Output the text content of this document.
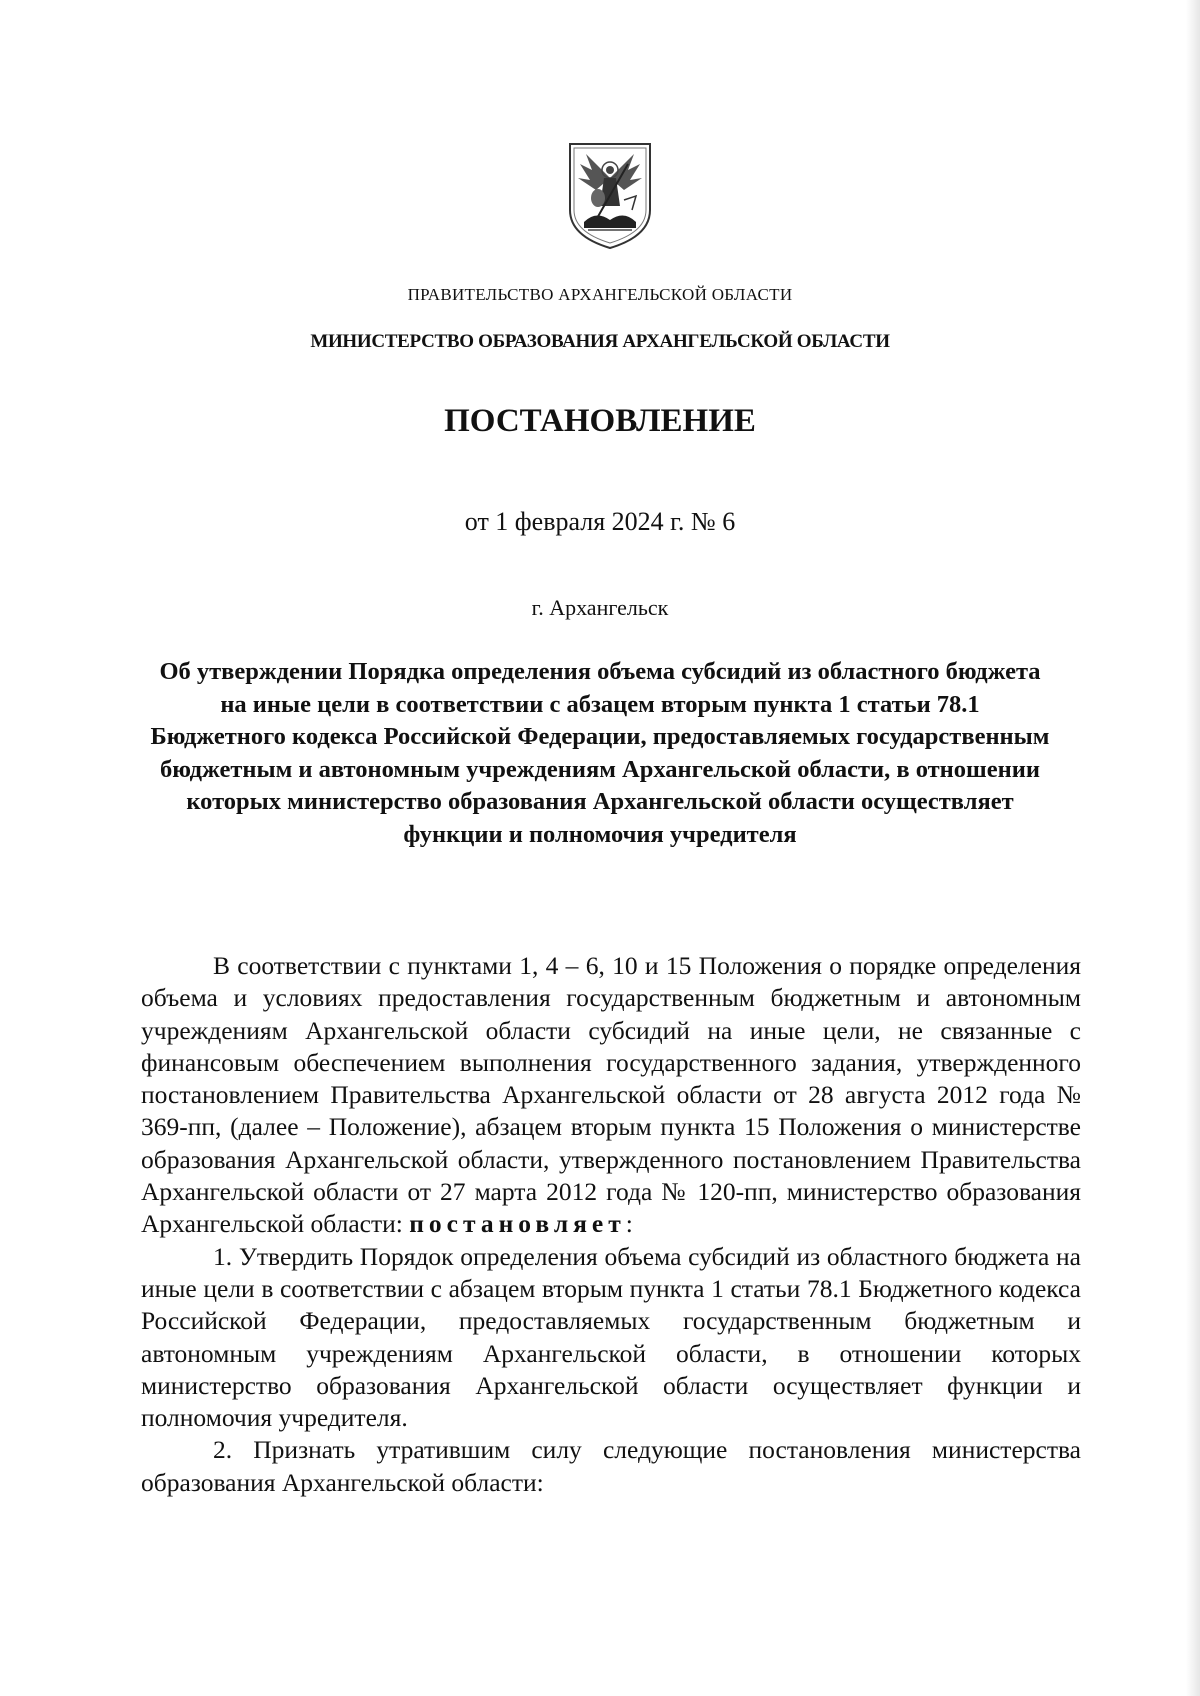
ПРАВИТЕЛЬСТВО АРХАНГЕЛЬСКОЙ ОБЛАСТИ

МИНИСТЕРСТВО ОБРАЗОВАНИЯ АРХАНГЕЛЬСКОЙ ОБЛАСТИ

ПОСТАНОВЛЕНИЕ

от 1 февраля 2024 г. № 6

г. Архангельск

Об утверждении Порядка определения объема субсидий из областного бюджета на иные цели в соответствии с абзацем вторым пункта 1 статьи 78.1 Бюджетного кодекса Российской Федерации, предоставляемых государственным бюджетным и автономным учреждениям Архангельской области, в отношении которых министерство образования Архангельской области осуществляет функции и полномочия учредителя

В соответствии с пунктами 1, 4 – 6, 10 и 15 Положения о порядке определения объема и условиях предоставления государственным бюджетным и автономным учреждениям Архангельской области субсидий на иные цели, не связанные с финансовым обеспечением выполнения государственного задания, утвержденного постановлением Правительства Архангельской области от 28 августа 2012 года № 369-пп, (далее – Положение), абзацем вторым пункта 15 Положения о министерстве образования Архангельской области, утвержденного постановлением Правительства Архангельской области от 27 марта 2012 года № 120-пп, министерство образования Архангельской области: постановляет:

1. Утвердить Порядок определения объема субсидий из областного бюджета на иные цели в соответствии с абзацем вторым пункта 1 статьи 78.1 Бюджетного кодекса Российской Федерации, предоставляемых государственным бюджетным и автономным учреждениям Архангельской области, в отношении которых министерство образования Архангельской области осуществляет функции и полномочия учредителя.

2. Признать утратившим силу следующие постановления министерства образования Архангельской области:
